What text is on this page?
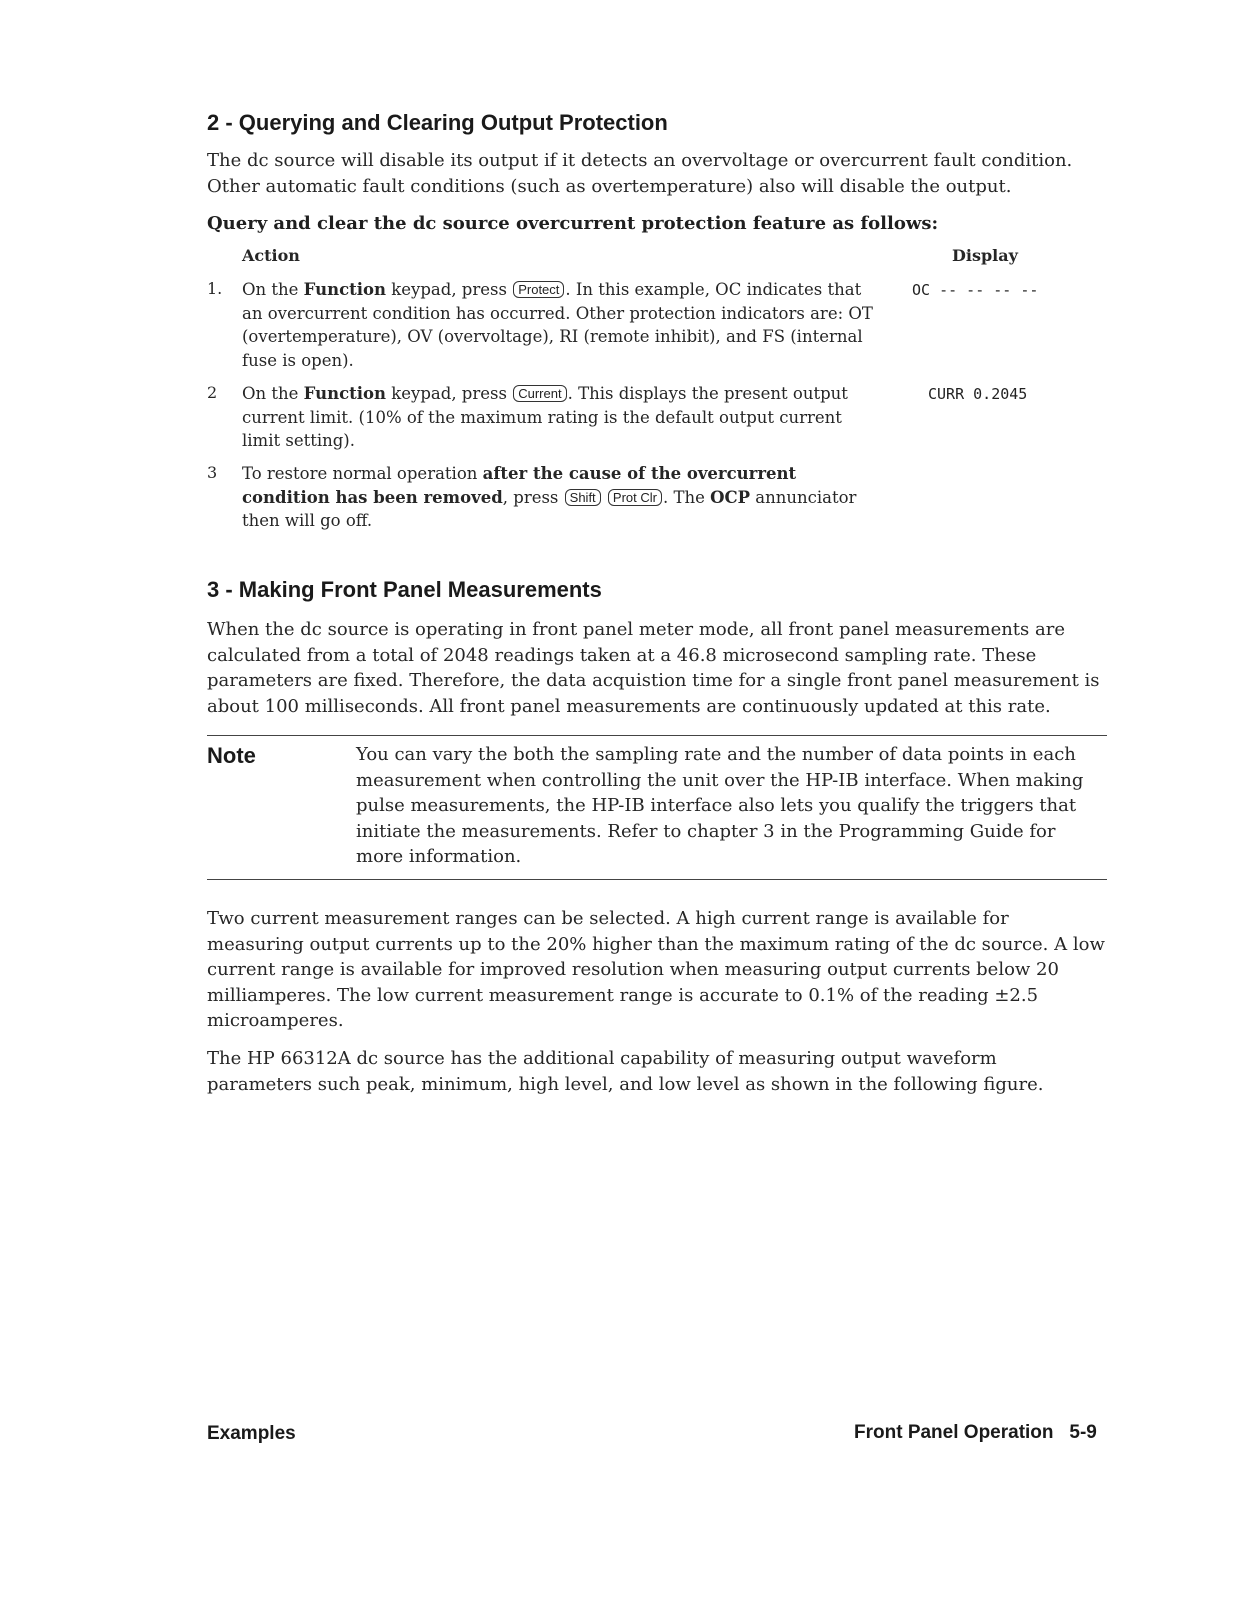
2 - Querying and Clearing Output Protection

The dc source will disable its output if it detects an overvoltage or overcurrent fault condition. Other automatic fault conditions (such as overtemperature) also will disable the output.

Query and clear the dc source overcurrent protection feature as follows:

Action	Display

1. On the Function keypad, press Protect . In this example, OC indicates that an overcurrent condition has occurred. Other protection indicators are: OT (overtemperature), OV (overvoltage), RI (remote inhibit), and FS (internal fuse is open).
OC -- -- -- --
2 On the Function keypad, press Current . This displays the present output current limit. (10% of the maximum rating is the default output current limit setting).
CURR 0.2045
3 To restore normal operation after the cause of the overcurrent condition has been removed, press Shift Prot Clr . The OCP annunciator then will go off.
3 - Making Front Panel Measurements

When the dc source is operating in front panel meter mode, all front panel measurements are calculated from a total of 2048 readings taken at a 46.8 microsecond sampling rate. These parameters are fixed. Therefore, the data acquistion time for a single front panel measurement is about 100 milliseconds. All front panel measurements are continuously updated at this rate.

Note	You can vary the both the sampling rate and the number of data points in each measurement when controlling the unit over the HP-IB interface. When making pulse measurements, the HP-IB interface also lets you qualify the triggers that initiate the measurements. Refer to chapter 3 in the Programming Guide for more information.

Two current measurement ranges can be selected. A high current range is available for measuring output currents up to the 20% higher than the maximum rating of the dc source. A low current range is available for improved resolution when measuring output currents below 20 milliamperes. The low current measurement range is accurate to 0.1% of the reading ±2.5 microamperes.

The HP 66312A dc source has the additional capability of measuring output waveform parameters such peak, minimum, high level, and low level as shown in the following figure.

Examples	Front Panel Operation 5-9
